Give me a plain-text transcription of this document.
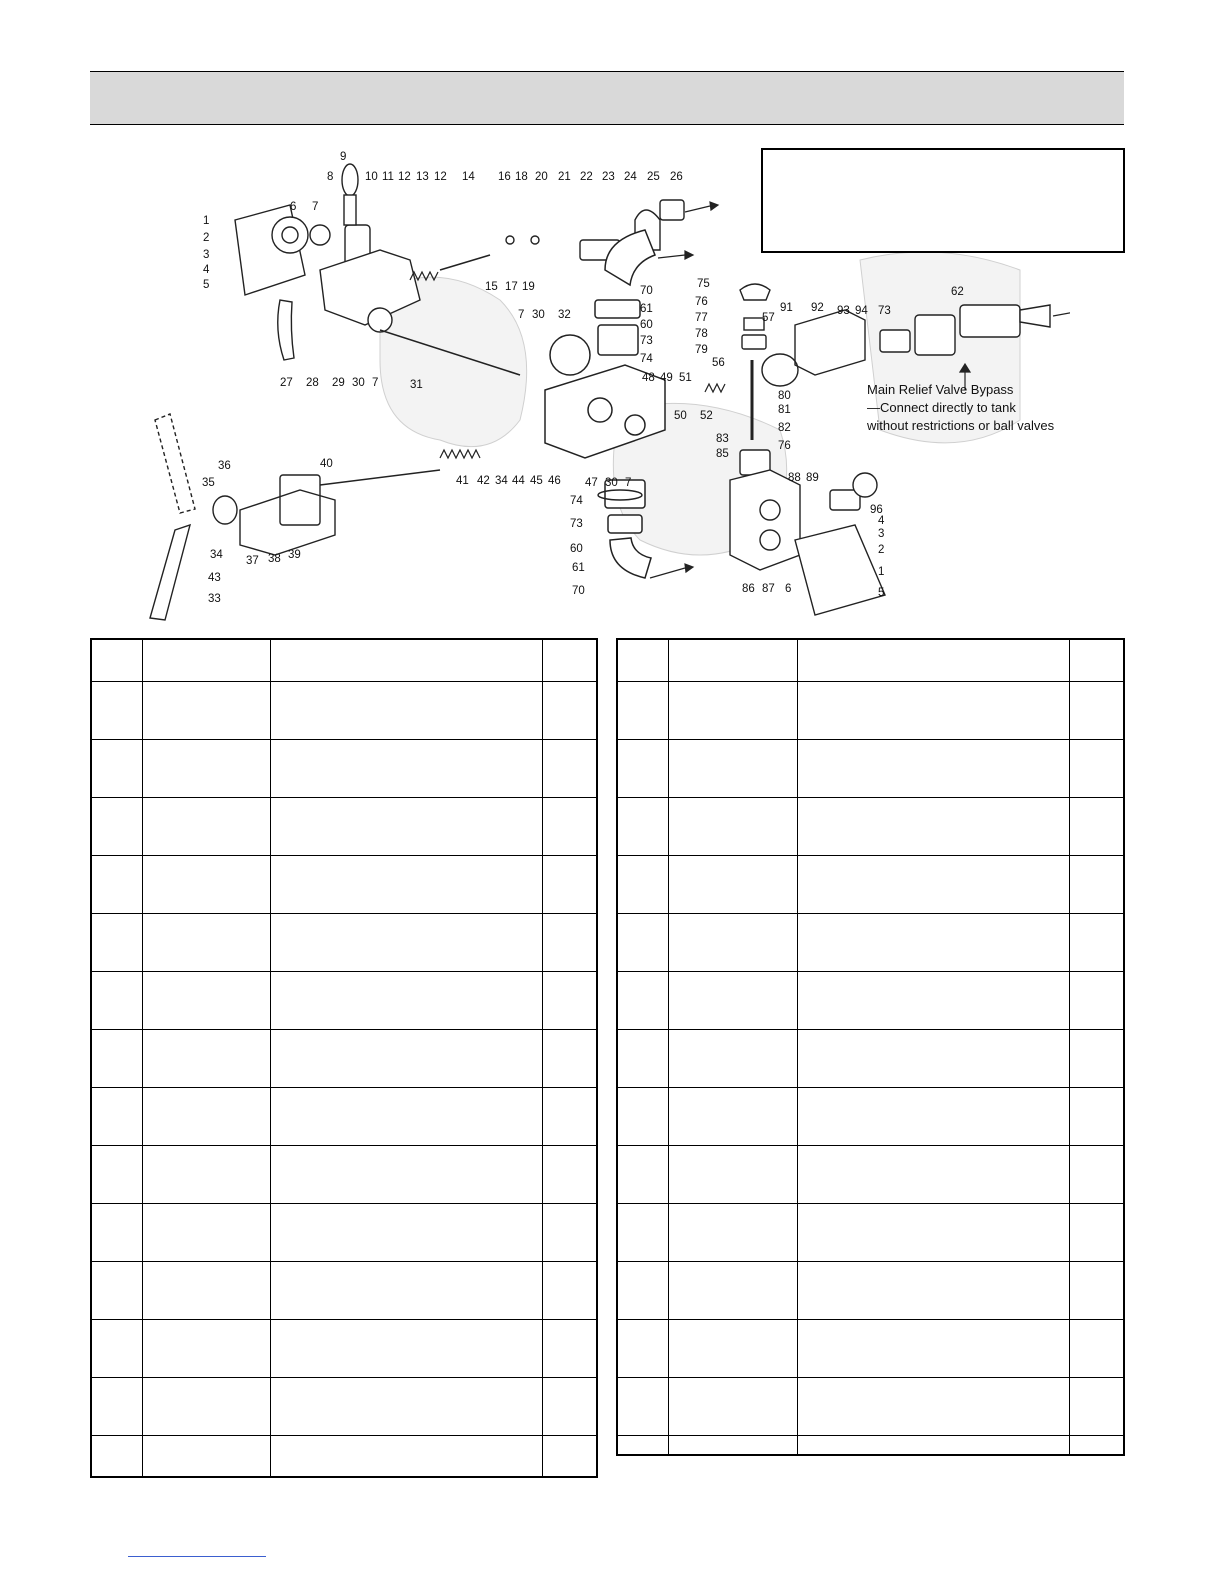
9
10 11 12 13 12 14 16 18 20 21 22 23 24 25 26
1
2
3
4
5
6 7
8
15 17 19
27 28 29 30 7	31
7 30 32
70
61
60
73
74
48 49 51
50 52
56
57
91 92 93 94 73
62
75
76
77
78
79
80
81
82
83
76
85
88 89
96
4
3
2
1
5
86 87 6
36
35
34
33
43
37 38 39
40
41 42 34 44 45 46 47 30 7
74
73
60
61
70
Main Relief Valve Bypass
—Connect directly to tank
without restrictions or ball valves
